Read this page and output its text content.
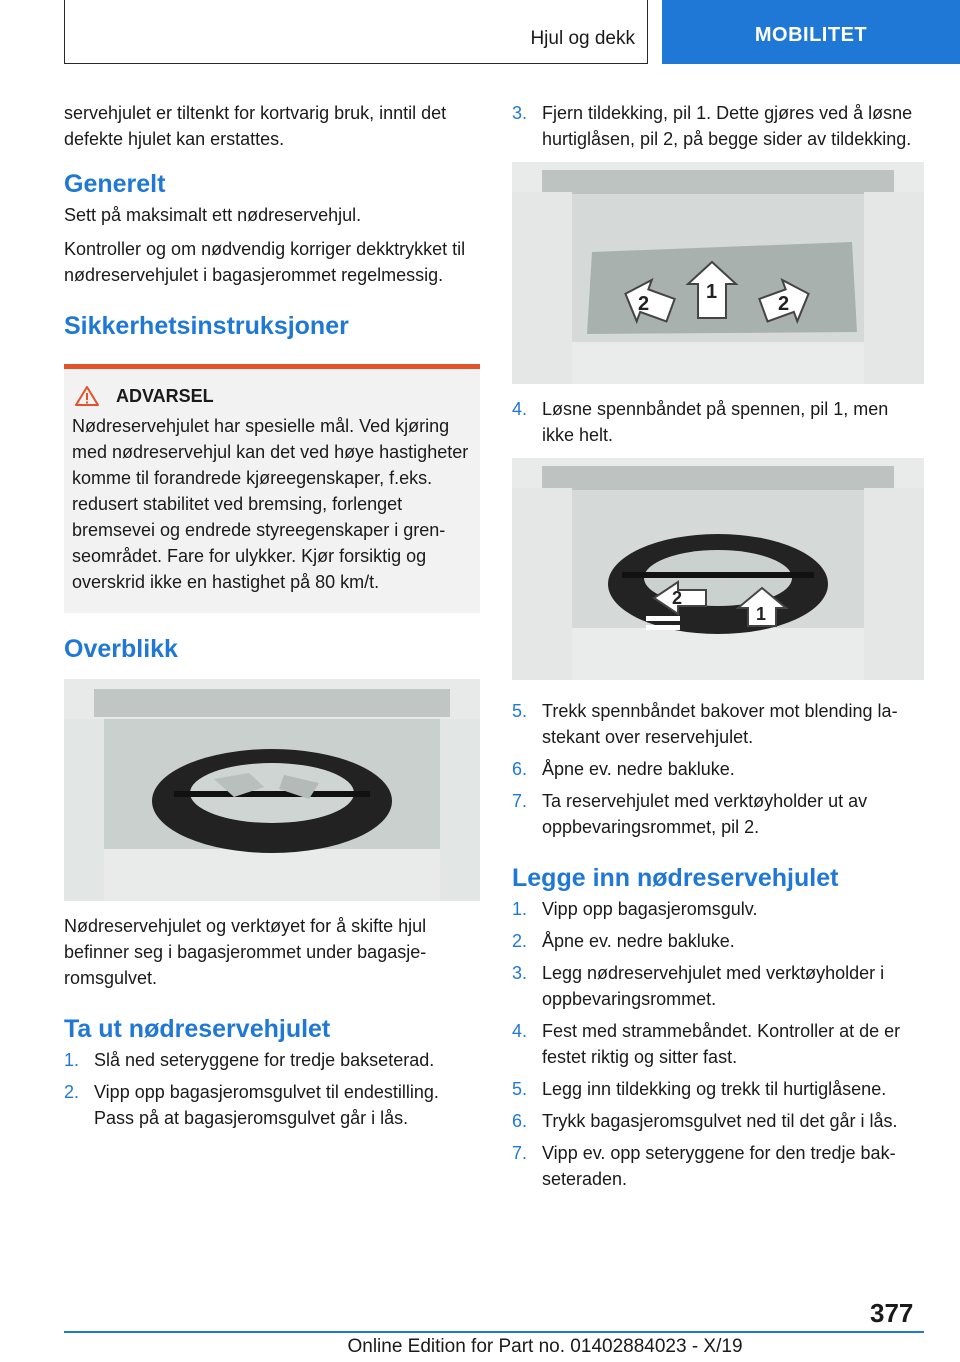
Hjul og dekk	MOBILITET

servehjulet er tiltenkt for kortvarig bruk, inntil det defekte hjulet kan erstattes.

Generelt

Sett på maksimalt ett nødreservehjul.

Kontroller og om nødvendig korriger dekktrykket til nødreservehjulet i bagasjerommet regelmessig.

Sikkerhetsinstruksjoner
ADVARSEL

Nødreservehjulet har spesielle mål. Ved kjøring med nødreservehjul kan det ved høye hastigheter komme til forandrede kjøreegenskaper, f.eks. redusert stabilitet ved bremsing, forlenget bremsevei og endrede styreegenskaper i grenseområdet. Fare for ulykker. Kjør forsiktig og overskrid ikke en hastighet på 80 km/t.

Overblikk

Nødreservehjulet og verktøyet for å skifte hjul befinner seg i bagasjerommet under bagasjeromsgulvet.

Ta ut nødreservehjulet
1. Slå ned seteryggene for tredje bakseterad.
2. Vipp opp bagasjeromsgulvet til endestilling. Pass på at bagasjeromsgulvet går i lås.
3. Fjern tildekking, pil 1. Dette gjøres ved å løsne hurtiglåsen, pil 2, på begge sider av tildekking.
2
1
2
4. Løsne spennbåndet på spennen, pil 1, men ikke helt.
2
1
5. Trekk spennbåndet bakover mot blending lastekant over reservehjulet.
6. Åpne ev. nedre bakluke.
7. Ta reservehjulet med verktøyholder ut av oppbevaringsrommet, pil 2.
Legge inn nødreservehjulet
1. Vipp opp bagasjeromsgulv.
2. Åpne ev. nedre bakluke.
3. Legg nødreservehjulet med verktøyholder i oppbevaringsrommet.
4. Fest med strammebåndet. Kontroller at de er festet riktig og sitter fast.
5. Legg inn tildekking og trekk til hurtiglåsene.
6. Trykk bagasjeromsgulvet ned til det går i lås.
7. Vipp ev. opp seteryggene for den tredje bakseteraden.
377
Online Edition for Part no. 01402884023 - X/19
